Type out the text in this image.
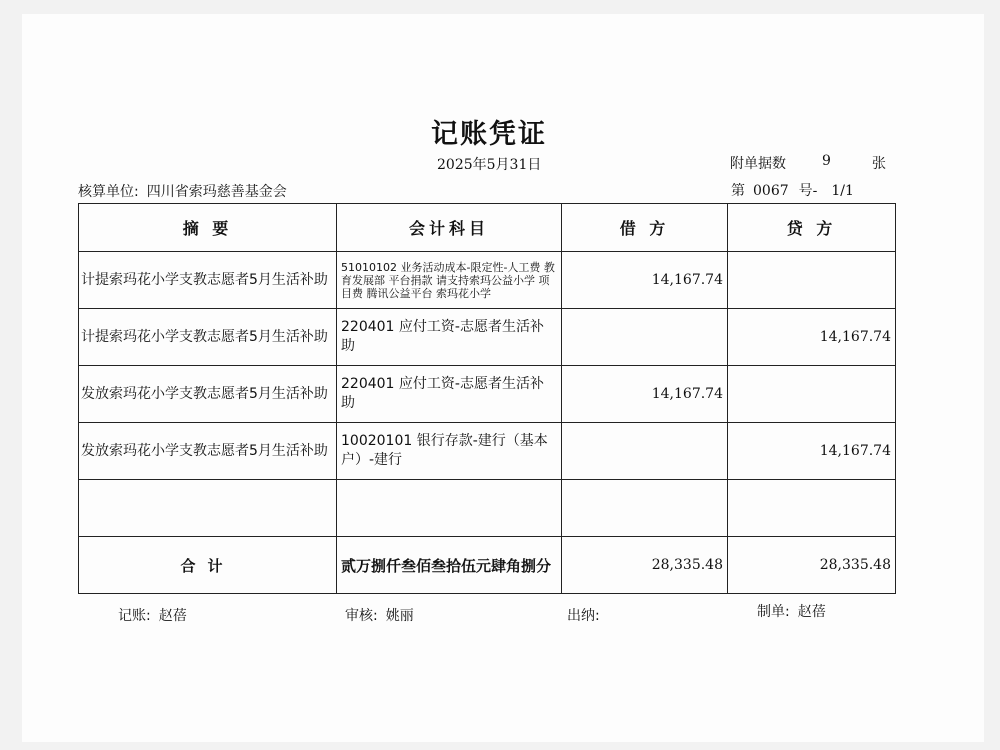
记账凭证
2025年5月31日	附单据数	9	张
核算单位: 四川省索玛慈善基金会	第 0067 号- 1/1
摘 要	会计科目	借 方	贷 方
计提索玛花小学支教志愿者5月生活补助	51010102 业务活动成本-限定性-人工费 教育发展部 平台捐款 请支持索玛公益小学 项目费 腾讯公益平台 索玛花小学	14,167.74	
计提索玛花小学支教志愿者5月生活补助	220401 应付工资-志愿者生活补助		14,167.74
发放索玛花小学支教志愿者5月生活补助	220401 应付工资-志愿者生活补助	14,167.74	
发放索玛花小学支教志愿者5月生活补助	10020101 银行存款-建行（基本户）-建行		14,167.74

合计	贰万捌仟叁佰叁拾伍元肆角捌分	28,335.48	28,335.48
记账: 赵蓓	审核: 姚丽	出纳:	制单: 赵蓓
